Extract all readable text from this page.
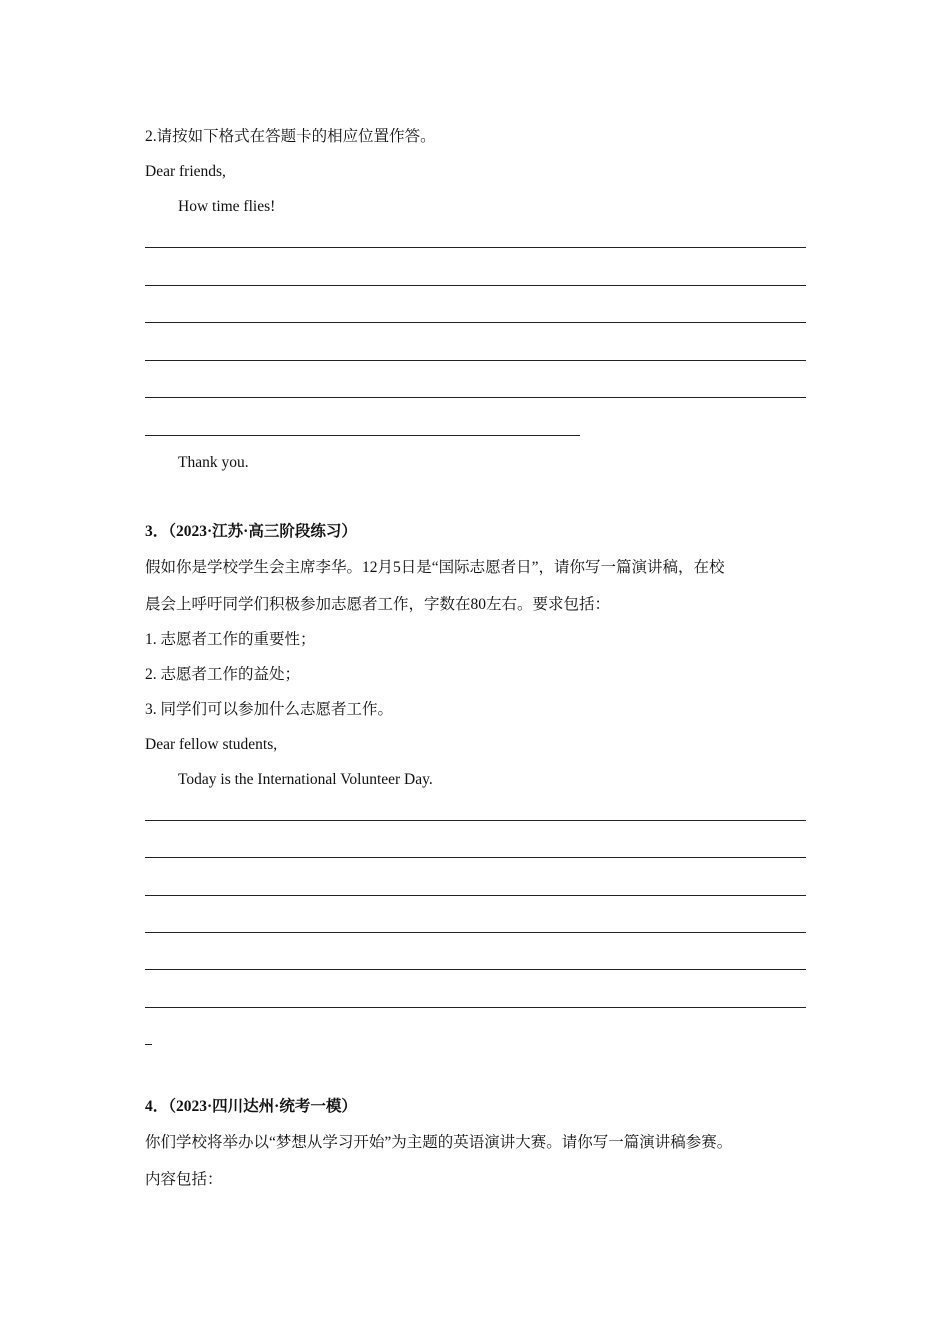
2.请按如下格式在答题卡的相应位置作答。
Dear friends,
How time flies!
Thank you.
3．（2023·江苏·高三阶段练习）
假如你是学校学生会主席李华。12月5日是“国际志愿者日”，请你写一篇演讲稿，在校
晨会上呼吁同学们积极参加志愿者工作，字数在80左右。要求包括：
1. 志愿者工作的重要性；
2. 志愿者工作的益处；
3. 同学们可以参加什么志愿者工作。
Dear fellow students,
Today is the International Volunteer Day.
4．（2023·四川达州·统考一模）
你们学校将举办以“梦想从学习开始”为主题的英语演讲大赛。请你写一篇演讲稿参赛。
内容包括：
